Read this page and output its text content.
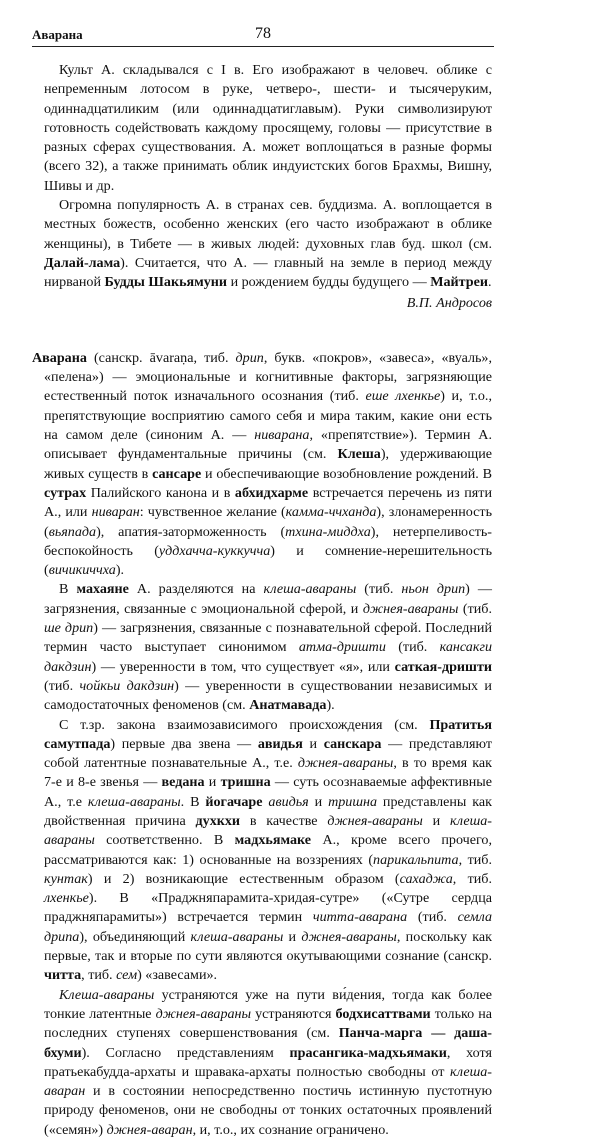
Аварана	78

Культ А. складывался с I в. Его изображают в человеч. облике с непременным лотосом в руке, четверо-, шести- и тысячеруким, одиннадцатиликим (или одиннадцатиглавым). Руки символизируют готовность содействовать каждому просящему, головы — присутствие в разных сферах существования. А. может воплощаться в разные формы (всего 32), а также принимать облик индуистских богов Брахмы, Вишну, Шивы и др.

Огромна популярность А. в странах сев. буддизма. А. воплощается в местных божеств, особенно женских (его часто изображают в облике женщины), в Тибете — в живых людей: духовных глав буд. школ (см. Далай-лама). Считается, что А. — главный на земле в период между нирваной Будды Шакьямуни и рождением будды будущего — Майтреи.

В.П. Андросов

Аварана (санскр. āvaraṇa, тиб. дрип, букв. «покров», «завеса», «вуаль», «пелена») — эмоциональные и когнитивные факторы, загрязняющие естественный поток изначального осознания (тиб. еше лхенкье) и, т.о., препятствующие восприятию самого себя и мира таким, какие они есть на самом деле (синоним А. — ниварана, «препятствие»). Термин А. описывает фундаментальные причины (см. Клеша), удерживающие живых существ в сансаре и обеспечивающие возобновление рождений. В сутрах Палийского канона и в абхидхарме встречается перечень из пяти А., или ниваран: чувственное желание (камма-ччханда), злонамеренность (вьяпада), апатия-заторможенность (тхина-миддха), нетерпеливость-беспокойность (уддхачча-куккучча) и сомнение-нерешительность (вичикиччха).

В махаяне А. разделяются на клеша-авараны (тиб. ньон дрип) — загрязнения, связанные с эмоциональной сферой, и джнея-авараны (тиб. ше дрип) — загрязнения, связанные с познавательной сферой. Последний термин часто выступает синонимом атма-дришти (тиб. кансакги дакдзин) — уверенности в том, что существует «я», или саткая-дришти (тиб. чойкьи дакдзин) — уверенности в существовании независимых и самодостаточных феноменов (см. Анатмавада).

С т.зр. закона взаимозависимого происхождения (см. Пратитья самутпада) первые два звена — авидья и санскара — представляют собой латентные познавательные А., т.е. джнея-авараны, в то время как 7-е и 8-е звенья — ведана и тришна — суть осознаваемые аффективные А., т.е клеша-авараны. В йогачаре авидья и тришна представлены как двойственная причина духкхи в качестве джнея-авараны и клеша-авараны соответственно. В мадхьямаке А., кроме всего прочего, рассматриваются как: 1) основанные на воззрениях (парикальпита, тиб. кунтак) и 2) возникающие естественным образом (сахаджа, тиб. лхенкье). В «Праджняпарамита-хридая-сутре» («Сутре сердца праджняпарамиты») встречается термин читта-аварана (тиб. семла дрипа), объединяющий клеша-авараны и джнея-авараны, поскольку как первые, так и вторые по сути являются окутывающими сознание (санскр. читта, тиб. сем) «завесами».

Клеша-авараны устраняются уже на пути ви́дения, тогда как более тонкие латентные джнея-авараны устраняются бодхисаттвами только на последних ступенях совершенствования (см. Панча-марга — даша-бхуми). Согласно представлениям прасангика-мадхьямаки, хотя пратьекабудда-архаты и шравака-архаты полностью свободны от клеша-аваран и в состоянии непосредственно постичь истинную пустотную природу феноменов, они не свободны от тонких остаточных проявлений («семян») джнея-аваран, и, т.о., их сознание ограничено.
